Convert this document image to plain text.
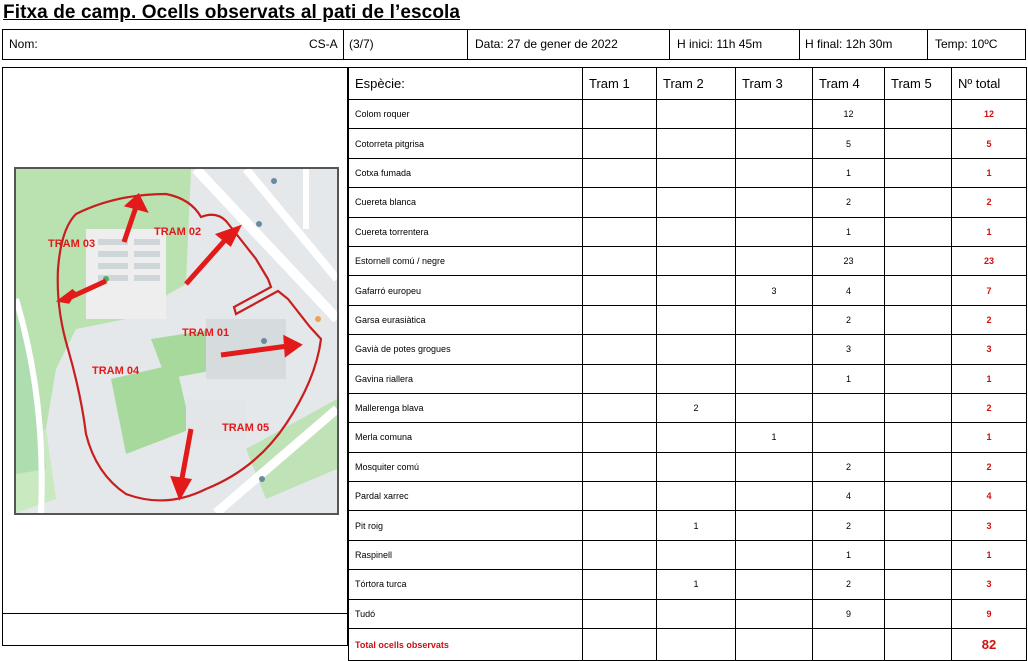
Fitxa de camp. Ocells observats al pati de l’escola
Nom:	CS-A (3/7)	Data: 27 de gener de 2022	H inici: 11h 45m	H final: 12h 30m	Temp: 10ºC
TRAM 01
TRAM 02
TRAM 03
TRAM 04
TRAM 05
Espècie:	Tram 1	Tram 2	Tram 3	Tram 4	Tram 5	Nº total
Colom roquer				12		12
Cotorreta pitgrisa				5		5
Cotxa fumada				1		1
Cuereta blanca				2		2
Cuereta torrentera				1		1
Estornell comú / negre				23		23
Gafarró europeu			3	4		7
Garsa eurasiàtica				2		2
Gavià de potes grogues				3		3
Gavina riallera				1		1
Mallerenga blava		2				2
Merla comuna			1			1
Mosquiter comú				2		2
Pardal xarrec				4		4
Pit roig		1		2		3
Raspinell				1		1
Tórtora turca		1		2		3
Tudó				9		9
Total ocells observats						82
